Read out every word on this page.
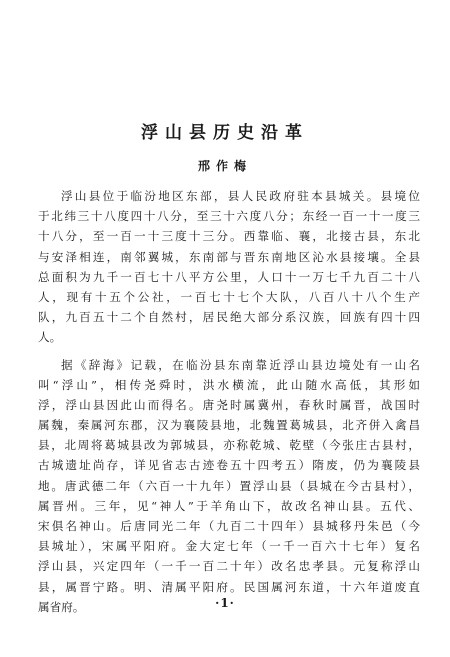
浮山县历史沿革
邢作梅
浮山县位于临汾地区东部，县人民政府驻本县城关。县境位
于北纬三十八度四十八分，至三十六度八分；东经一百一十一度三
十八分，至一百一十三度十三分。西靠临、襄，北接古县，东北
与安泽相连，南邻翼城，东南部与晋东南地区沁水县接壤。全县
总面积为九千一百七十八平方公里，人口十一万七千九百二十八
人，现有十五个公社，一百七十七个大队，八百八十八个生产
队，九百五十二个自然村，居民绝大部分系汉族，回族有四十四
人。
据《辞海》记载，在临汾县东南靠近浮山县边境处有一山名
叫“浮山”，相传尧舜时，洪水横流，此山随水高低，其形如
浮，浮山县因此山而得名。唐尧时属冀州，春秋时属晋，战国时
属魏，秦属河东郡，汉为襄陵县地，北魏置葛城县，北齐併入禽昌
县，北周将葛城县改为郭城县，亦称乾城、乾壁（今张庄古县村，
古城遗址尚存，详见省志古迹卷五十四考五）隋废，仍为襄陵县
地。唐武德二年（六百一十九年）置浮山县（县城在今古县村），
属晋州。三年，见“神人”于羊角山下，故改名神山县。五代、
宋俱名神山。后唐同光二年（九百二十四年）县城移丹朱邑（今
县城址），宋属平阳府。金大定七年（一千一百六十七年）复名
浮山县，兴定四年（一千一百二十年）改名忠孝县。元复称浮山
县，属晋宁路。明、清属平阳府。民国属河东道，十六年道废直
属省府。	·1·
